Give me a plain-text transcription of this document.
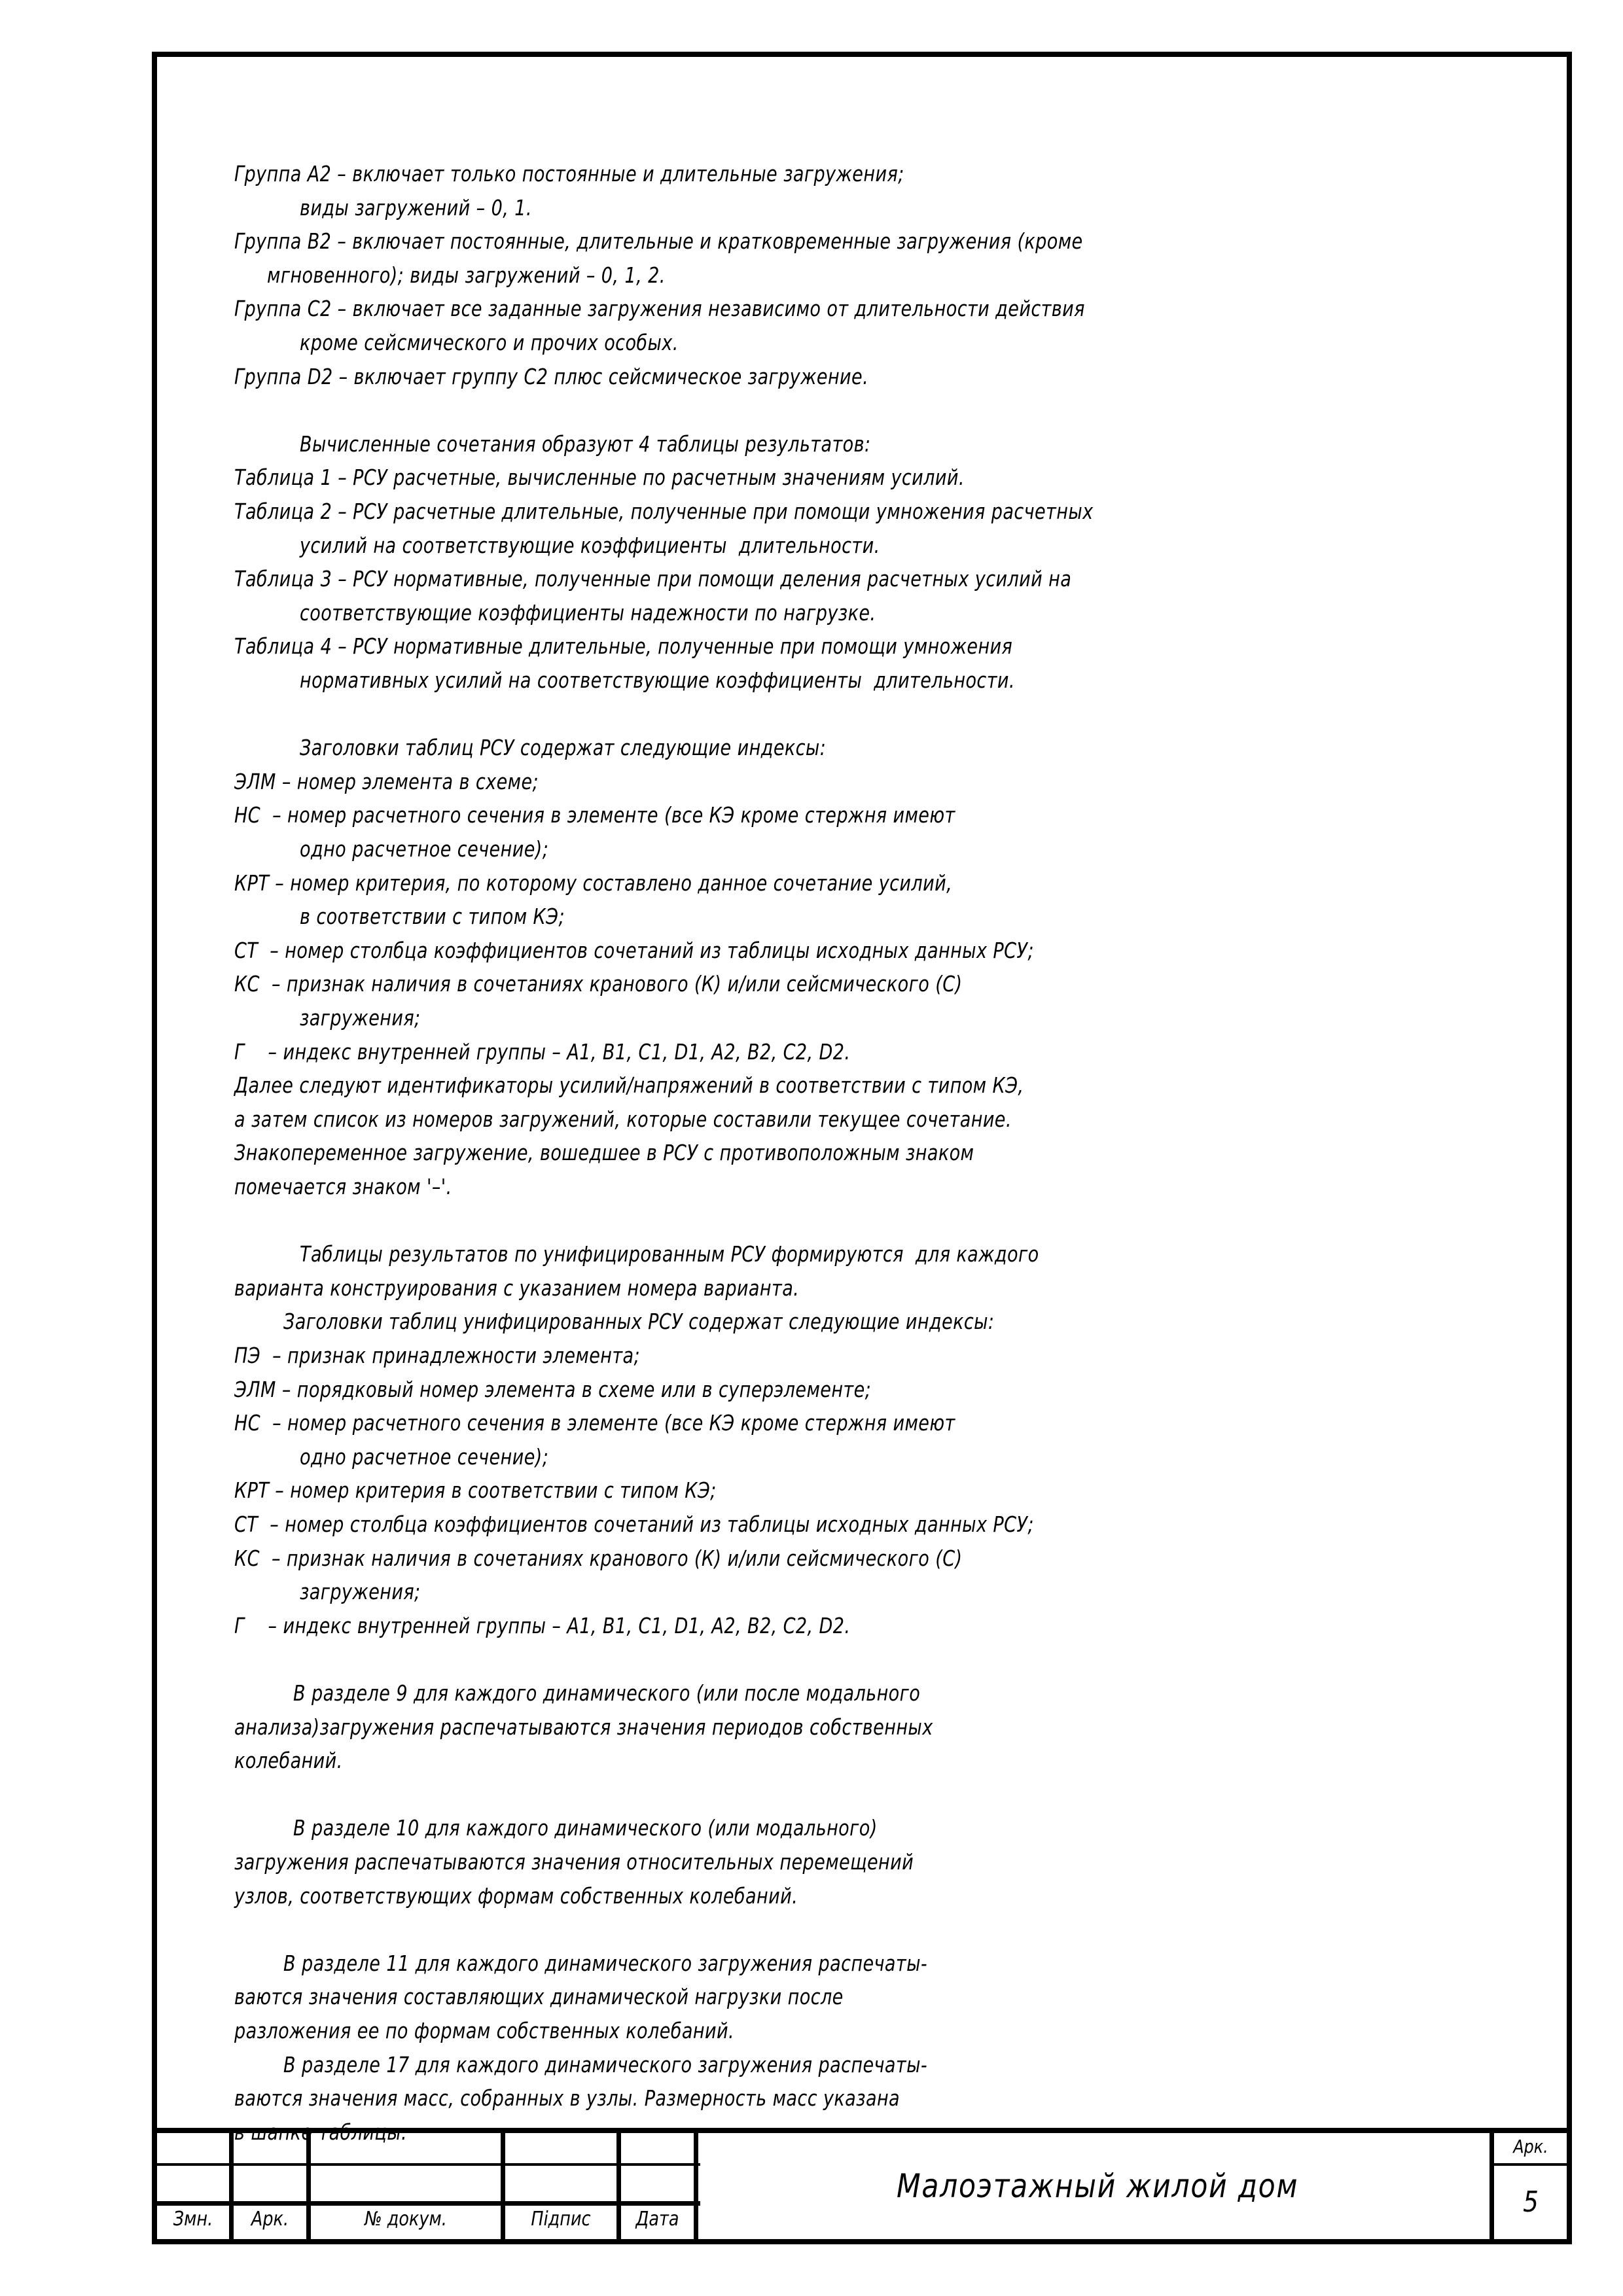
Группа A2 – включает только постоянные и длительные загружения;
виды загружений – 0, 1.
Группа B2 – включает постоянные, длительные и кратковременные загружения (кроме
мгновенного); виды загружений – 0, 1, 2.
Группа C2 – включает все заданные загружения независимо от длительности действия
кроме сейсмического и прочих особых.
Группа D2 – включает группу C2 плюс сейсмическое загружение.
Вычисленные сочетания образуют 4 таблицы результатов:
Таблица 1 – РСУ расчетные, вычисленные по расчетным значениям усилий.
Таблица 2 – РСУ расчетные длительные, полученные при помощи умножения расчетных
усилий на соответствующие коэффициенты  длительности.
Таблица 3 – РСУ нормативные, полученные при помощи деления расчетных усилий на
соответствующие коэффициенты надежности по нагрузке.
Таблица 4 – РСУ нормативные длительные, полученные при помощи умножения
нормативных усилий на соответствующие коэффициенты  длительности.
Заголовки таблиц РСУ содержат следующие индексы:
ЭЛМ – номер элемента в схеме;
НС  – номер расчетного сечения в элементе (все КЭ кроме стержня имеют
одно расчетное сечение);
КРТ – номер критерия, по которому составлено данное сочетание усилий,
в соответствии с типом КЭ;
СТ  – номер столбца коэффициентов сочетаний из таблицы исходных данных РСУ;
КС  – признак наличия в сочетаниях кранового (К) и/или сейсмического (С)
загружения;
Г    – индекс внутренней группы – A1, B1, C1, D1, A2, B2, C2, D2.
Далее следуют идентификаторы усилий/напряжений в соответствии с типом КЭ,
а затем список из номеров загружений, которые составили текущее сочетание.
Знакопеременное загружение, вошедшее в РСУ с противоположным знаком
помечается знаком '–'.
Таблицы результатов по унифицированным РСУ формируются  для каждого
варианта конструирования с указанием номера варианта.
Заголовки таблиц унифицированных РСУ содержат следующие индексы:
ПЭ  – признак принадлежности элемента;
ЭЛМ – порядковый номер элемента в схеме или в суперэлементе;
НС  – номер расчетного сечения в элементе (все КЭ кроме стержня имеют
одно расчетное сечение);
КРТ – номер критерия в соответствии с типом КЭ;
СТ  – номер столбца коэффициентов сочетаний из таблицы исходных данных РСУ;
КС  – признак наличия в сочетаниях кранового (К) и/или сейсмического (С)
загружения;
Г    – индекс внутренней группы – A1, B1, C1, D1, A2, B2, C2, D2.
В разделе 9 для каждого динамического (или после модального
анализа)загружения распечатываются значения периодов собственных
колебаний.
В разделе 10 для каждого динамического (или модального)
загружения распечатываются значения относительных перемещений
узлов, соответствующих формам собственных колебаний.
В разделе 11 для каждого динамического загружения распечаты-
ваются значения составляющих динамической нагрузки после
разложения ее по формам собственных колебаний.
В разделе 17 для каждого динамического загружения распечаты-
ваются значения масс, собранных в узлы. Размерность масс указана
Змн.	Арк.	№ докум.	Підпис	Дата
Малоэтажный жилой дом
Арк.
5
